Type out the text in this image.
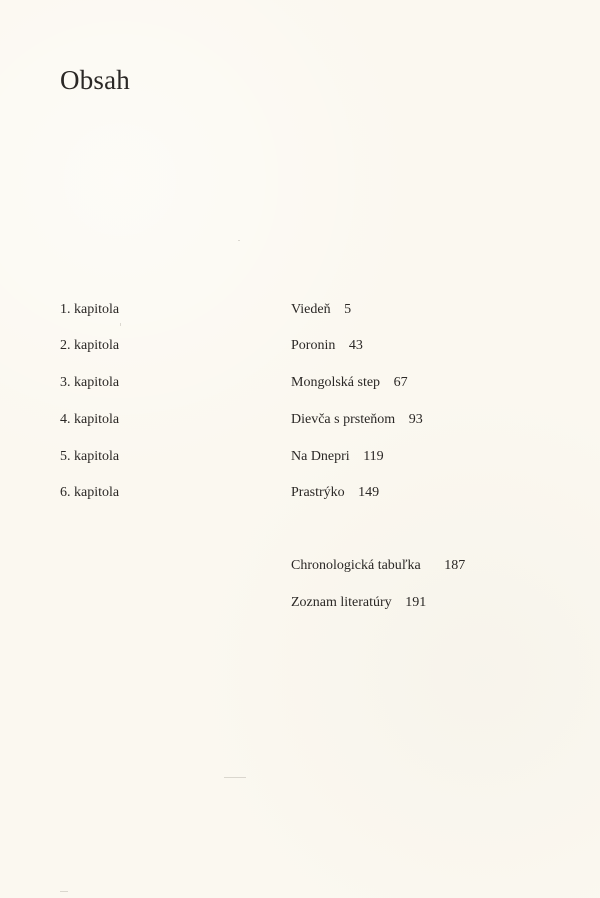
Obsah
1. kapitola	Viedeň 5
2. kapitola	Poronin 43
3. kapitola	Mongolská step 67
4. kapitola	Dievča s prsteňom 93
5. kapitola	Na Dnepri 119
6. kapitola	Prastrýko 149
Chronologická tabuľka 187
Zoznam literatúry 191
